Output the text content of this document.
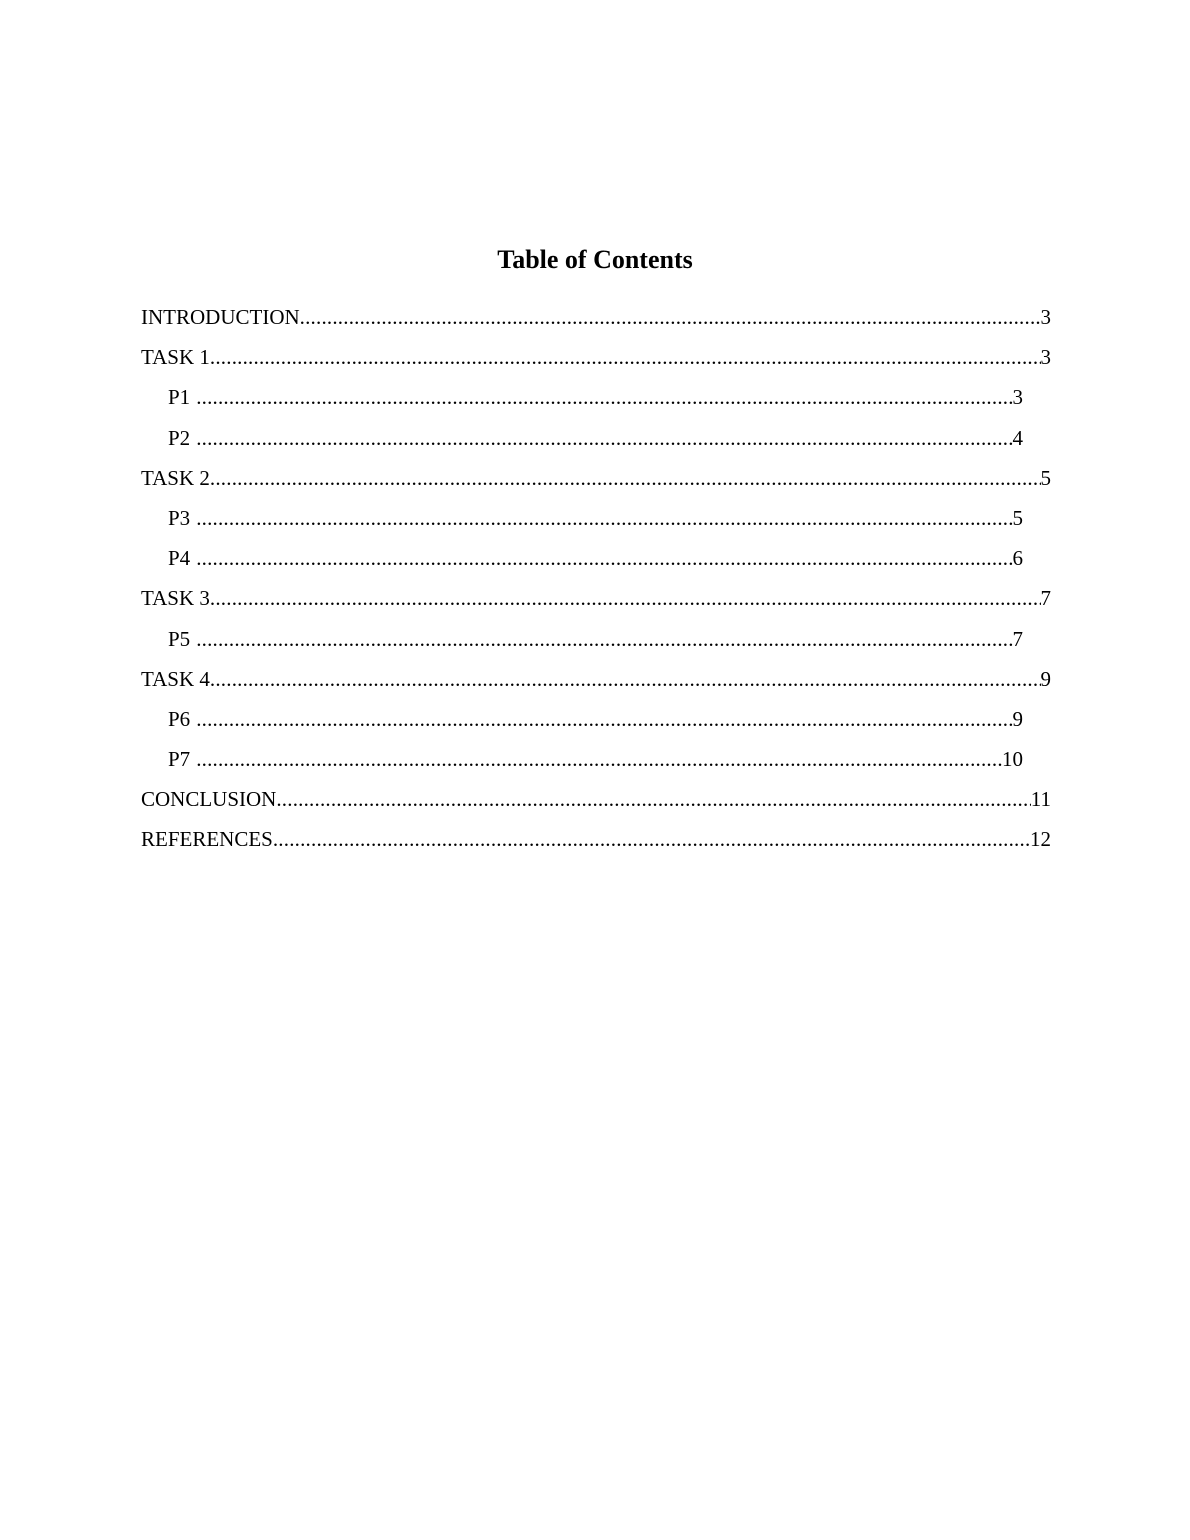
Table of Contents
INTRODUCTION .....	3
TASK 1 .....	3
P1 .....	3
P2 .....	4
TASK 2 .....	5
P3 .....	5
P4 .....	6
TASK 3 .....	7
P5 .....	7
TASK 4 .....	9
P6 .....	9
P7 .....	10
CONCLUSION .....	11
REFERENCES .....	12
